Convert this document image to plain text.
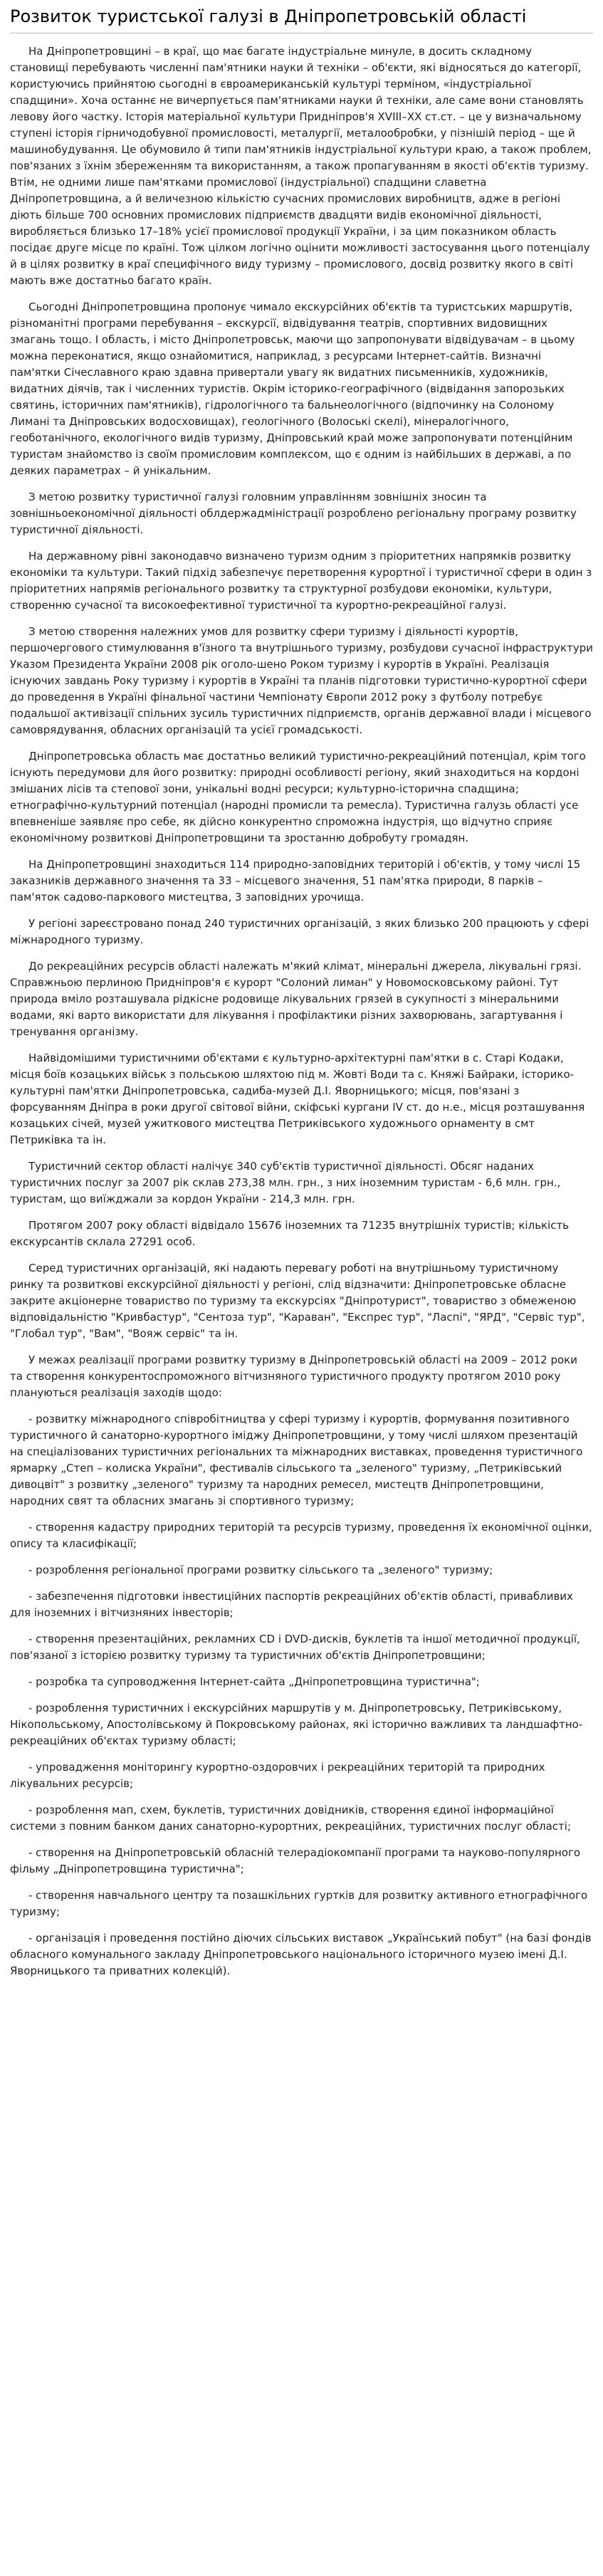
Розвиток туристської галузі в Дніпропетровській області

На Дніпропетровщині – в краї, що має багате індустріальне минуле, в досить складному становищі перебувають численні пам'ятники науки й техніки – об'єкти, які відносяться до категорії, користуючись прийнятою сьогодні в євроамериканській культурі терміном, «індустріальної спадщини». Хоча останнє не вичерпується пам'ятниками науки й техніки, але саме вони становлять левову його частку. Історія матеріальної культури Придніпров'я XVIII–XX ст.ст. – це у визначальному ступені історія гірничодобувної промисловості, металургії, металообробки, у пізнішій період – ще й машинобудування. Це обумовило й типи пам'ятників індустріальної культури краю, а також проблем, пов'язаних з їхнім збереженням та використанням, а також пропагуванням в якості об'єктів туризму. Втім, не одними лише пам'ятками промислової (індустріальної) спадщини славетна Дніпропетровщина, а й величезною кількістю сучасних промислових виробництв, адже в регіоні діють більше 700 основних промислових підприємств двадцяти видів економічної діяльності, виробляється близько 17–18% усієї промислової продукції України, і за цим показником область посідає друге місце по країні. Тож цілком логічно оцінити можливості застосування цього потенціалу й в цілях розвитку в краї специфічного виду туризму – промислового, досвід розвитку якого в світі мають вже достатньо багато країн.

Сьогодні Дніпропетровщина пропонує чимало екскурсійних об'єктів та туристських маршрутів, різноманітні програми перебування – екскурсії, відвідування театрів, спортивних видовищних змагань тощо. І область, і місто Дніпропетровськ, маючи що запропонувати відвідувачам – в цьому можна переконатися, якщо ознайомитися, наприклад, з ресурсами Інтернет-сайтів. Визначні пам'ятки Січеславного краю здавна привертали увагу як видатних письменників, художників, видатних діячів, так і численних туристів. Окрім історико-географічного (відвідання запорозьких святинь, історичних пам'ятників), гідрологічного та бальнеологічного (відпочинку на Солоному Лимані та Дніпровських водосховищах), геологічного (Волоські скелі), мінералогічного, геоботанічного, екологічного видів туризму, Дніпровський край може запропонувати потенційним туристам знайомство із своїм промисловим комплексом, що є одним із найбільших в державі, а по деяких параметрах – й унікальним.

З метою розвитку туристичної галузі головним управлінням зовнішніх зносин та зовнішньоекономічної діяльності облдержадміністрації розроблено регіональну програму розвитку туристичної діяльності.

На державному рівні законодавчо визначено туризм одним з пріоритетних напрямків розвитку економіки та культури. Такий підхід забезпечує перетворення курортної і туристичної сфери в один з пріоритетних напрямів регіонального розвитку та структурної розбудови економіки, культури, створенню сучасної та високоефективної туристичної та курортно-рекреаційної галузі.

З метою створення належних умов для розвитку сфери туризму і діяльності курортів, першочергового стимулювання в'їзного та внутрішнього туризму, розбудови сучасної інфраструктури Указом Президента України 2008 рік оголо-шено Роком туризму і курортів в Україні. Реалізація існуючих завдань Року туризму і курортів в Україні та планів підготовки туристично-курортної сфери до проведення в Україні фінальної частини Чемпіонату Європи 2012 року з футболу потребує подальшої активізації спільних зусиль туристичних підприємств, органів державної влади і місцевого самоврядування, обласних організацій та усієї громадськості.

Дніпропетровська область має достатньо великий туристично-рекреаційний потенціал, крім того існують передумови для його розвитку: природні особливості регіону, який знаходиться на кордоні змішаних лісів та степової зони, унікальні водні ресурси; культурно-історична спадщина; етнографічно-культурний потенціал (народні промисли та ремесла). Туристична галузь області усе впевненіше заявляє про себе, як дійсно конкурентно спроможна індустрія, що відчутно сприяє економічному розвиткові Дніпропетровщини та зростанню добробуту громадян.

На Дніпропетровщині знаходиться 114 природно-заповідних територій і об'єктів, у тому числі 15 заказників державного значення та 33 – місцевого значення, 51 пам'ятка природи, 8 парків – пам'яток садово-паркового мистецтва, 3 заповідних урочища.

У регіоні зареєстровано понад 240 туристичних організацій, з яких близько 200 працюють у сфері міжнародного туризму.

До рекреаційних ресурсів області належать м'який клімат, мінеральні джерела, лікувальні грязі. Справжньою перлиною Придніпров'я є курорт "Солоний лиман" у Новомосковському районі. Тут природа вміло розташувала рідкісне родовище лікувальних грязей в сукупності з мінеральними водами, які варто використати для лікування і профілактики різних захворювань, загартування і тренування організму.

Найвідомішими туристичними об'єктами є культурно-архітектурні пам'ятки в с. Старі Кодаки, місця боїв козацьких військ з польською шляхтою під м. Жовті Води та с. Княжі Байраки, історико-культурні пам'ятки Дніпропетровська, садиба-музей Д.І. Яворницького; місця, пов'язані з форсуванням Дніпра в роки другої світової війни, скіфські кургани IV ст. до н.е., місця розташування козацьких січей, музей ужиткового мистецтва Петриківського художнього орнаменту в смт Петриківка та ін.

Туристичний сектор області налічує 340 суб'єктів туристичної діяльності. Обсяг наданих туристичних послуг за 2007 рік склав 273,38 млн. грн., з них іноземним туристам - 6,6 млн. грн., туристам, що виїжджали за кордон України - 214,3 млн. грн.

Протягом 2007 року області відвідало 15676 іноземних та 71235 внутрішніх туристів; кількість екскурсантів склала 27291 особ.

Серед туристичних організацій, які надають перевагу роботі на внутрішньому туристичному ринку та розвиткові екскурсійної діяльності у регіоні, слід відзначити: Дніпропетровське обласне закрите акціонерне товариство по туризму та екскурсіях "Дніпротурист", товариство з обмеженою відповідальністю "Кривбастур", "Сентоза тур", "Караван", "Експрес тур", "Ласпі", "ЯРД", "Сервіс тур", "Глобал тур", "Вам", "Вояж сервіс" та ін.

У межах реалізації програми розвитку туризму в Дніпропетровській області на 2009 – 2012 роки та створення конкурентоспроможного вітчизняного туристичного продукту протягом 2010 року плануються реалізація заходів щодо:

- розвитку міжнародного співробітництва у сфері туризму і курортів, формування позитивного туристичного й санаторно-курортного іміджу Дніпропетровщини, у тому числі шляхом презентацій на спеціалізованих туристичних регіональних та міжнародних виставках, проведення туристичного ярмарку „Степ – колиска України", фестивалів сільського та „зеленого" туризму, „Петриківський дивоцвіт" з розвитку „зеленого" туризму та народних ремесел, мистецтв Дніпропетровщини, народних свят та обласних змагань зі спортивного туризму;

- створення кадастру природних територій та ресурсів туризму, проведення їх економічної оцінки, опису та класифікації;

- розроблення регіональної програми розвитку сільського та „зеленого" туризму;

- забезпечення підготовки інвестиційних паспортів рекреаційних об'єктів області, привабливих для іноземних і вітчизняних інвесторів;

- створення презентаційних, рекламних CD і DVD-дисків, буклетів та іншої методичної продукції, пов'язаної з історією розвитку туризму та туристичних об'єктів Дніпропетровщини;

- розробка та супроводження Інтернет-сайта „Дніпропетровщина туристична";

- розроблення туристичних і екскурсійних маршрутів у м. Дніпропетровську, Петриківському, Нікопольському, Апостолівському й Покровському районах, які історично важливих та ландшафтно-рекреаційних об'єктах туризму області;

- упровадження моніторингу курортно-оздоровчих і рекреаційних територій та природних лікувальних ресурсів;

- розроблення мап, схем, буклетів, туристичних довідників, створення єдиної інформаційної системи з повним банком даних санаторно-курортних, рекреаційних, туристичних послуг області;

- створення на Дніпропетровській обласній телерадіокомпанії програми та науково-популярного фільму „Дніпропетровщина туристична";

- створення навчального центру та позашкільних гуртків для розвитку активного етнографічного туризму;

- організація і проведення постійно діючих сільських виставок „Український побут" (на базі фондів обласного комунального закладу Дніпропетровського національного історичного музею імені Д.І. Яворницького та приватних колекцій).
